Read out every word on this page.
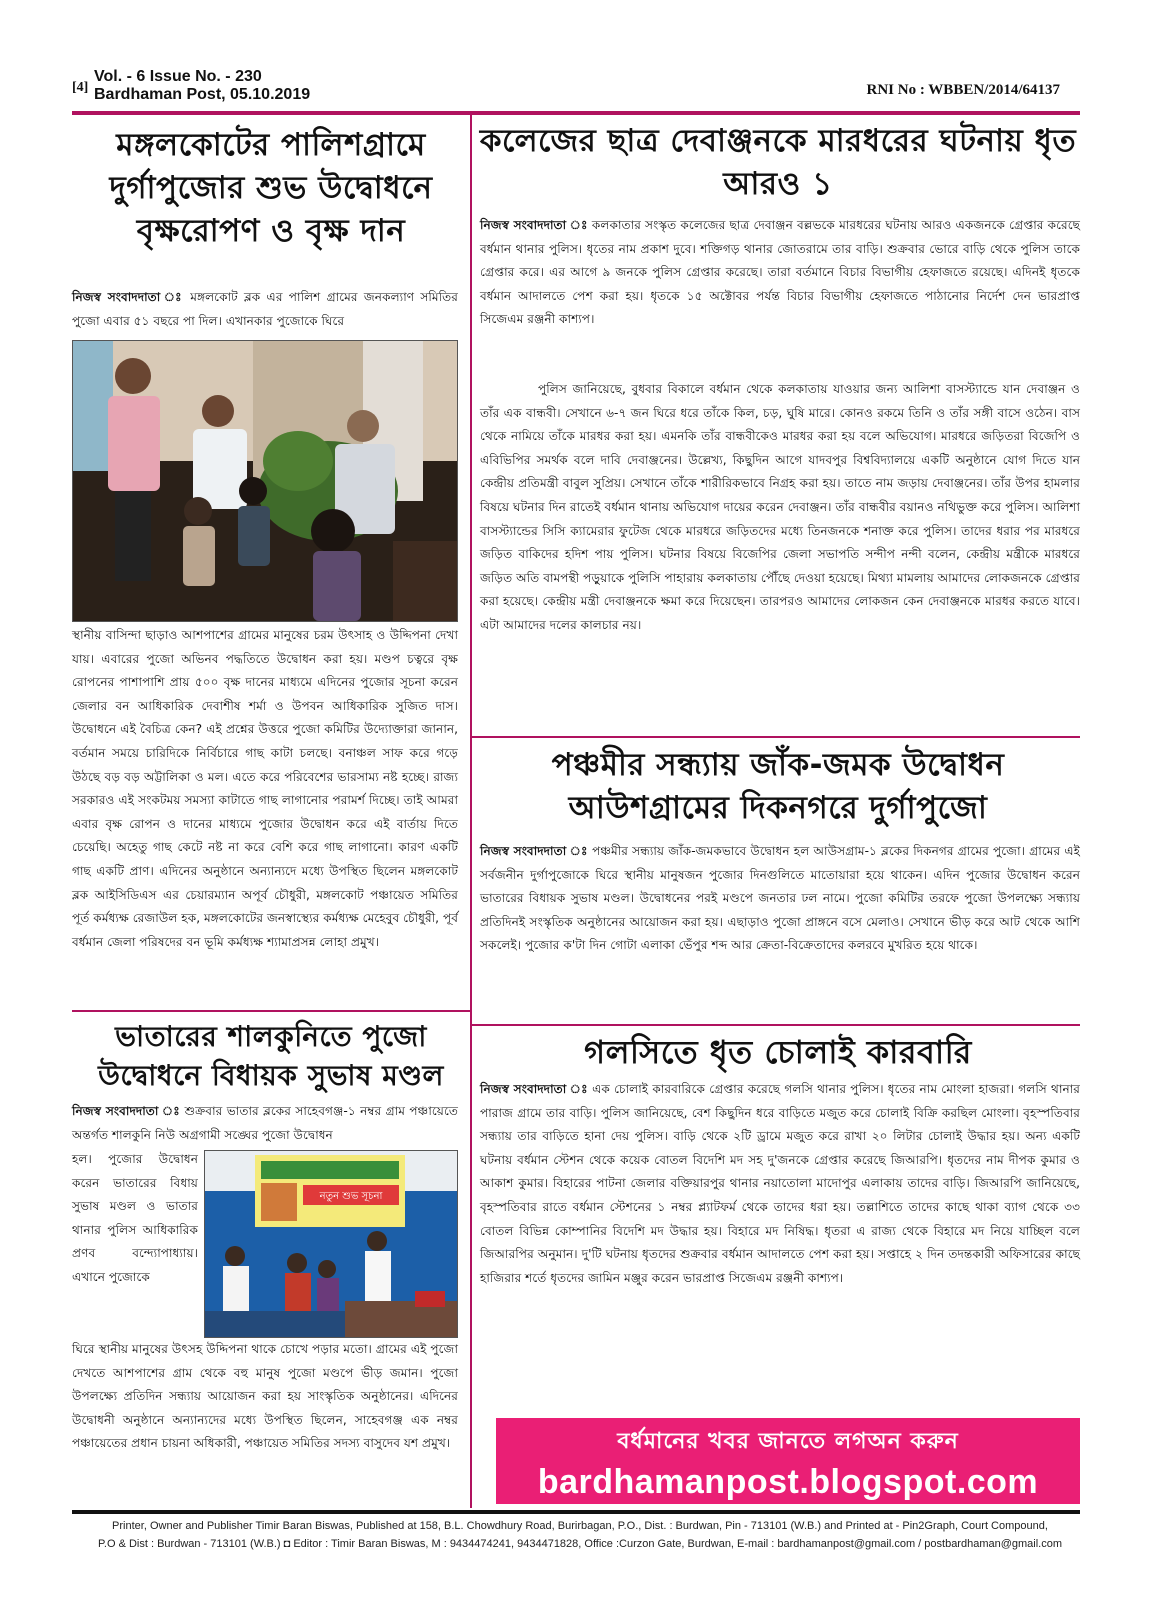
[4]
Vol. - 6 Issue No. - 230
Bardhaman Post, 05.10.2019	RNI No : WBBEN/2014/64137
মঙ্গলকোটের পালিশগ্রামে দুর্গাপুজোর শুভ উদ্বোধনে বৃক্ষরোপণ ও বৃক্ষ দান
নিজস্ব সংবাদদাতা ঃ মঙ্গলকোট ব্লক এর পালিশ গ্রামের জনকল্যাণ সমিতির পুজো এবার ৫১ বছরে পা দিল। এখানকার পুজোকে ঘিরে
স্থানীয় বাসিন্দা ছাড়াও আশপাশের গ্রামের মানুষের চরম উৎসাহ ও উদ্দিপনা দেখা যায়। এবারের পুজো অভিনব পদ্ধতিতে উদ্বোধন করা হয়। মণ্ডপ চত্বরে বৃক্ষ রোপনের পাশাপাশি প্রায় ৫০০ বৃক্ষ দানের মাধ্যমে এদিনের পুজোর সূচনা করেন জেলার বন আধিকারিক দেবাশীষ শর্মা ও উপবন আধিকারিক সুজিত দাস। উদ্বোধনে এই বৈচিত্র কেন? এই প্রশ্নের উত্তরে পুজো কমিটির উদ্যোক্তারা জানান, বর্তমান সময়ে চারিদিকে নির্বিচারে গাছ কাটা চলছে। বনাঞ্চল সাফ করে গড়ে উঠছে বড় বড় অট্টালিকা ও মল। এতে করে পরিবেশের ভারসাম্য নষ্ট হচ্ছে। রাজ্য সরকারও এই সংকটময় সমস্যা কাটাতে গাছ লাগানোর পরামর্শ দিচ্ছে। তাই আমরা এবার বৃক্ষ রোপন ও দানের মাধ্যমে পুজোর উদ্বোধন করে এই বার্তায় দিতে চেয়েছি। অহেতু গাছ কেটে নষ্ট না করে বেশি করে গাছ লাগানো। কারণ একটি গাছ একটি প্রাণ। এদিনের অনুষ্ঠানে অন্যান্যদে মধ্যে উপস্থিত ছিলেন মঙ্গলকোট ব্লক আইসিডিএস এর চেয়ারম্যান অপূর্ব চৌধুরী, মঙ্গলকোট পঞ্চায়েত সমিতির পূর্ত কর্মধ্যক্ষ রেজাউল হক, মঙ্গলকোটের জনস্বাস্থ্যের কর্মধ্যক্ষ মেহেবুব চৌধুরী, পূর্ব বর্ধমান জেলা পরিষদের বন ভূমি কর্মধ্যক্ষ শ্যামাপ্রসন্ন লোহা প্রমুখ।
কলেজের ছাত্র দেবাঞ্জনকে মারধরের ঘটনায় ধৃত আরও ১
নিজস্ব সংবাদদাতা ঃ কলকাতার সংস্কৃত কলেজের ছাত্র দেবাঞ্জন বল্লভকে মারধরের ঘটনায় আরও একজনকে গ্রেপ্তার করেছে বর্ধমান থানার পুলিস। ধৃতের নাম প্রকাশ দুবে। শক্তিগড় থানার জোতরামে তার বাড়ি। শুক্রবার ভোরে বাড়ি থেকে পুলিস তাকে গ্রেপ্তার করে। এর আগে ৯ জনকে পুলিস গ্রেপ্তার করেছে। তারা বর্তমানে বিচার বিভাগীয় হেফাজতে রয়েছে। এদিনই ধৃতকে বর্ধমান আদালতে পেশ করা হয়। ধৃতকে ১৫ অক্টোবর পর্যন্ত বিচার বিভাগীয় হেফাজতে পাঠানোর নির্দেশ দেন ভারপ্রাপ্ত সিজেএম রঞ্জনী কাশ্যপ।
পুলিস জানিয়েছে, বুধবার বিকালে বর্ধমান থেকে কলকাতায় যাওয়ার জন্য আলিশা বাসস্ট্যান্ডে যান দেবাঞ্জন ও তাঁর এক বান্ধবী। সেখানে ৬-৭ জন ঘিরে ধরে তাঁকে কিল, চড়, ঘুষি মারে। কোনও রকমে তিনি ও তাঁর সঙ্গী বাসে ওঠেন। বাস থেকে নামিয়ে তাঁকে মারধর করা হয়। এমনকি তাঁর বান্ধবীকেও মারধর করা হয় বলে অভিযোগ। মারধরে জড়িতরা বিজেপি ও এবিভিপির সমর্থক বলে দাবি দেবাঞ্জনের। উল্লেখ্য, কিছুদিন আগে যাদবপুর বিশ্ববিদ্যালয়ে একটি অনুষ্ঠানে যোগ দিতে যান কেন্দ্রীয় প্রতিমন্ত্রী বাবুল সুপ্রিয়। সেখানে তাঁকে শারীরিকভাবে নিগ্রহ করা হয়। তাতে নাম জড়ায় দেবাঞ্জনের। তাঁর উপর হামলার বিষয়ে ঘটনার দিন রাতেই বর্ধমান থানায় অভিযোগ দায়ের করেন দেবাঞ্জন। তাঁর বান্ধবীর বয়ানও নথিভুক্ত করে পুলিস। আলিশা বাসস্ট্যান্ডের সিসি ক্যামেরার ফুটেজ থেকে মারধরে জড়িতদের মধ্যে তিনজনকে শনাক্ত করে পুলিস। তাদের ধরার পর মারধরে জড়িত বাকিদের হদিশ পায় পুলিস। ঘটনার বিষয়ে বিজেপির জেলা সভাপতি সন্দীপ নন্দী বলেন, কেন্দ্রীয় মন্ত্রীকে মারধরে জড়িত অতি বামপন্থী পড়ুয়াকে পুলিসি পাহারায় কলকাতায় পৌঁছে দেওয়া হয়েছে। মিথ্যা মামলায় আমাদের লোকজনকে গ্রেপ্তার করা হয়েছে। কেন্দ্রীয় মন্ত্রী দেবাঞ্জনকে ক্ষমা করে দিয়েছেন। তারপরও আমাদের লোকজন কেন দেবাঞ্জনকে মারধর করতে যাবে। এটা আমাদের দলের কালচার নয়।
পঞ্চমীর সন্ধ্যায় জাঁক-জমক উদ্বোধন আউশগ্রামের দিকনগরে দুর্গাপুজো
নিজস্ব সংবাদদাতা ঃ পঞ্চমীর সন্ধ্যায় জাঁক-জমকভাবে উদ্বোধন হল আউসগ্রাম-১ ব্লকের দিকনগর গ্রামের পুজো। গ্রামের এই সর্বজনীন দুর্গাপুজোকে ঘিরে স্থানীয় মানুষজন পুজোর দিনগুলিতে মাতোয়ারা হয়ে থাকেন। এদিন পুজোর উদ্বোধন করেন ভাতারের বিধায়ক সুভাষ মণ্ডল। উদ্বোধনের পরই মণ্ডপে জনতার ঢল নামে। পুজো কমিটির তরফে পুজো উপলক্ষ্যে সন্ধ্যায় প্রতিদিনই সংস্কৃতিক অনুষ্ঠানের আয়োজন করা হয়। এছাড়াও পুজো প্রাঙ্গনে বসে মেলাও। সেখানে ভীড় করে আট থেকে আশি সকলেই। পুজোর ক'টা দিন গোটা এলাকা ভেঁপুর শব্দ আর ক্রেতা-বিক্রেতাদের কলরবে মুখরিত হয়ে থাকে।
ভাতারের শালকুনিতে পুজো উদ্বোধনে বিধায়ক সুভাষ মণ্ডল
নিজস্ব সংবাদদাতা ঃ শুক্রবার ভাতার ব্লকের সাহেবগঞ্জ-১ নম্বর গ্রাম পঞ্চায়েতে অন্তর্গত শালকুনি নিউ অগ্রগামী সঙ্ঘের পুজো উদ্বোধন
হল। পুজোর উদ্বোধন করেন ভাতারের বিধায় সুভাষ মণ্ডল ও ভাতার থানার পুলিস আধিকারিক প্রণব বন্দ্যোপাধ্যায়। এখানে পুজোকে
নতুন শুভ সূচনা
ঘিরে স্থানীয় মানুষের উৎসহ উদ্দিপনা থাকে চোখে পড়ার মতো। গ্রামের এই পুজো দেখতে আশপাশের গ্রাম থেকে বহু মানুষ পুজো মণ্ডপে ভীড় জমান। পুজো উপলক্ষ্যে প্রতিদিন সন্ধ্যায় আয়োজন করা হয় সাংস্কৃতিক অনুষ্ঠানের। এদিনের উদ্বোধনী অনুষ্ঠানে অন্যান্যদের মধ্যে উপস্থিত ছিলেন, সাহেবগঞ্জ এক নম্বর পঞ্চায়েতের প্রধান চায়না অধিকারী, পঞ্চায়েত সমিতির সদস্য বাসুদেব যশ প্রমুখ।
গলসিতে ধৃত চোলাই কারবারি
নিজস্ব সংবাদদাতা ঃ এক চোলাই কারবারিকে গ্রেপ্তার করেছে গলসি থানার পুলিস। ধৃতের নাম মোংলা হাজরা। গলসি থানার পারাজ গ্রামে তার বাড়ি। পুলিস জানিয়েছে, বেশ কিছুদিন ধরে বাড়িতে মজুত করে চোলাই বিক্রি করছিল মোংলা। বৃহস্পতিবার সন্ধ্যায় তার বাড়িতে হানা দেয় পুলিস। বাড়ি থেকে ২টি ড্রামে মজুত করে রাখা ২০ লিটার চোলাই উদ্ধার হয়। অন্য একটি ঘটনায় বর্ধমান স্টেশন থেকে কয়েক বোতল বিদেশি মদ সহ দু'জনকে গ্রেপ্তার করেছে জিআরপি। ধৃতদের নাম দীপক কুমার ও আকাশ কুমার। বিহারের পাটনা জেলার বক্তিয়ারপুর থানার নয়াতোলা মাদোপুর এলাকায় তাদের বাড়ি। জিআরপি জানিয়েছে, বৃহস্পতিবার রাতে বর্ধমান স্টেশনের ১ নম্বর প্ল্যাটফর্ম থেকে তাদের ধরা হয়। তল্লাশিতে তাদের কাছে থাকা ব্যাগ থেকে ৩৩ বোতল বিভিন্ন কোম্পানির বিদেশি মদ উদ্ধার হয়। বিহারে মদ নিষিদ্ধ। ধৃতরা এ রাজ্য থেকে বিহারে মদ নিয়ে যাচ্ছিল বলে জিআরপির অনুমান। দু'টি ঘটনায় ধৃতদের শুক্রবার বর্ধমান আদালতে পেশ করা হয়। সপ্তাহে ২ দিন তদন্তকারী অফিসারের কাছে হাজিরার শর্তে ধৃতদের জামিন মঞ্জুর করেন ভারপ্রাপ্ত সিজেএম রঞ্জনী কাশ্যপ।
বর্ধমানের খবর জানতে লগঅন করুন
bardhamanpost.blogspot.com
Printer, Owner and Publisher Timir Baran Biswas, Published at 158, B.L. Chowdhury Road, Burirbagan, P.O., Dist. : Burdwan, Pin - 713101 (W.B.) and Printed at - Pin2Graph, Court Compound,
P.O & Dist : Burdwan - 713101 (W.B.) ◘ Editor : Timir Baran Biswas, M : 9434474241, 9434471828, Office :Curzon Gate, Burdwan, E-mail : bardhamanpost@gmail.com / postbardhaman@gmail.com
